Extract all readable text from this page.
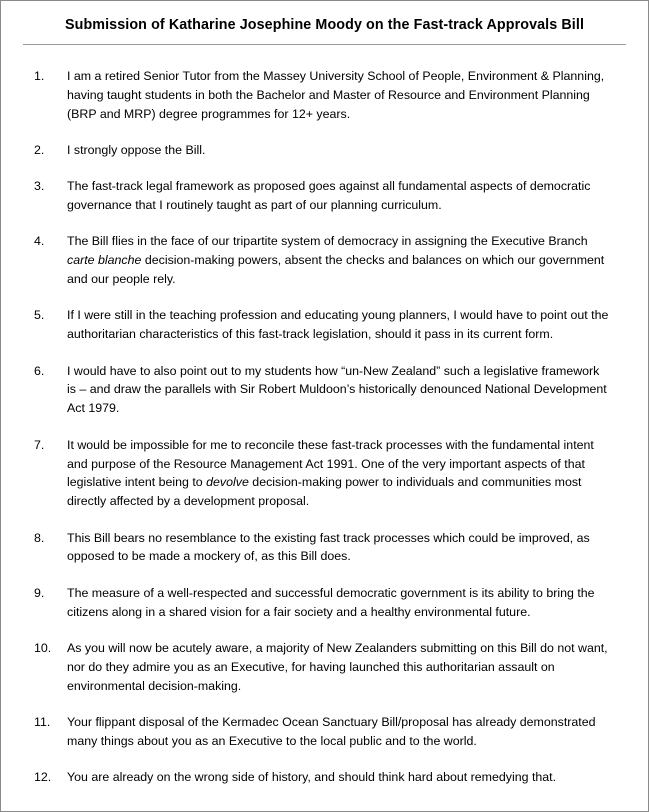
Submission of Katharine Josephine Moody on the Fast-track Approvals Bill
1.	I am a retired Senior Tutor from the Massey University School of People, Environment & Planning, having taught students in both the Bachelor and Master of Resource and Environment Planning (BRP and MRP) degree programmes for 12+ years.
2.	I strongly oppose the Bill.
3.	The fast-track legal framework as proposed goes against all fundamental aspects of democratic governance that I routinely taught as part of our planning curriculum.
4.	The Bill flies in the face of our tripartite system of democracy in assigning the Executive Branch carte blanche decision-making powers, absent the checks and balances on which our government and our people rely.
5.	If I were still in the teaching profession and educating young planners, I would have to point out the authoritarian characteristics of this fast-track legislation, should it pass in its current form.
6.	I would have to also point out to my students how “un-New Zealand” such a legislative framework is – and draw the parallels with Sir Robert Muldoon’s historically denounced National Development Act 1979.
7.	It would be impossible for me to reconcile these fast-track processes with the fundamental intent and purpose of the Resource Management Act 1991. One of the very important aspects of that legislative intent being to devolve decision-making power to individuals and communities most directly affected by a development proposal.
8.	This Bill bears no resemblance to the existing fast track processes which could be improved, as opposed to be made a mockery of, as this Bill does.
9.	The measure of a well-respected and successful democratic government is its ability to bring the citizens along in a shared vision for a fair society and a healthy environmental future.
10.	As you will now be acutely aware, a majority of New Zealanders submitting on this Bill do not want, nor do they admire you as an Executive, for having launched this authoritarian assault on environmental decision-making.
11.	Your flippant disposal of the Kermadec Ocean Sanctuary Bill/proposal has already demonstrated many things about you as an Executive to the local public and to the world.
12.	You are already on the wrong side of history, and should think hard about remedying that.
